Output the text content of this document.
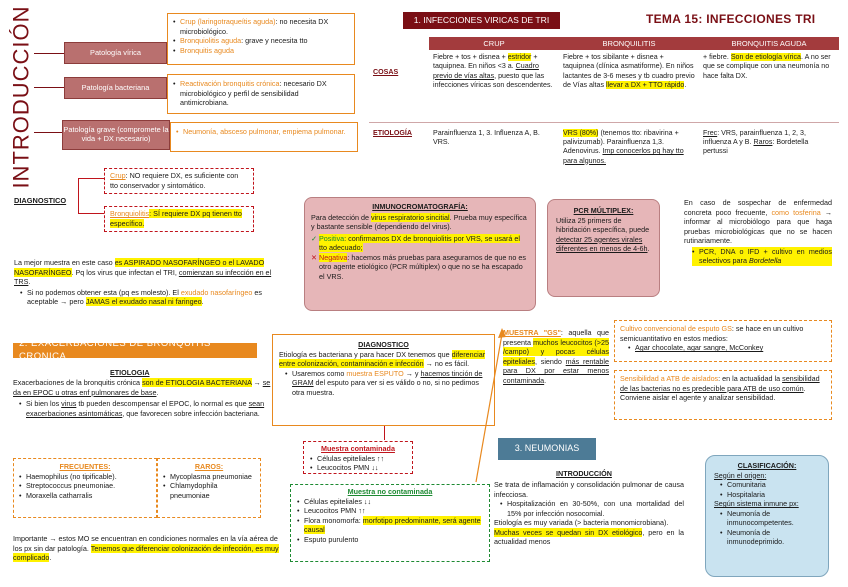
INTRODUCCIÓN	Patología vírica
Patología bacteriana
Patología grave (compromete la vida + DX necesario)
• Crup (laringotraqueítis aguda): no necesita DX microbiológico.
• Bronquiolitis aguda: grave y necesita tto
• Bronquitis aguda
• Reactivación bronquitis crónica: necesario DX microbiológico y perfil de sensibilidad antimicrobiana.
• Neumonía, absceso pulmonar, empiema pulmonar.
DIAGNOSTICO
Crup: NO requiere DX, es suficiente con tto conservador y sintomático.
Bronquiolitis: SÍ requiere DX pq tienen tto específico.
La mejor muestra en este caso es ASPIRADO NASOFARÍNGEO o el LAVADO NASOFARÍNGEO. Pq los virus que infectan el TRI, comienzan su infección en el TRS.
• Si no podemos obtener esta (pq es molesto). El exudado nasofaríngeo es aceptable → pero JAMAS el exudado nasal ni faringeo.
1. INFECCIONES VIRICAS DE TRI	TEMA 15: INFECCIONES TRI
	CRUP	BRONQUILITIS	BRONQUITIS AGUDA
COSAS	Fiebre + tos + disnea + estridor + taquipnea. En niños <3 a. Cuadro previo de vías altas, puesto que las infecciones víricas son descendentes.	Fiebre + tos sibilante + disnea + taquipnea (clínica asmatiforme). En niños lactantes de 3-6 meses y tb cuadro previo de Vías altas llevar a DX + TTO rápido.	+ fiebre. Son de etiología vírica. A no ser que se complique con una neumonía no hace falta DX.
ETIOLOGÍA	Parainfluenza 1, 3. Influenza A, B. VRS.	VRS (80%) (tenemos tto: ribavirina + palivizumab). Parainfluenza 1,3. Adenovirus. Imp conocerlos pq hay tto para algunos.	Frec: VRS, parainfluenza 1, 2, 3, influenza A y B. Raros: Bordetella pertussi
INMUNOCROMATOGRAFÍA:
Para detección de virus respiratorio sincitial. Prueba muy específica y bastante sensible (dependiendo del virus).
✓ Positiva: confirmamos DX de bronquiolitis por VRS, se usará el tto adecuado;
✕ Negativa: hacemos más pruebas para asegurarnos de que no es otro agente etiológico (PCR múltiplex) o que no se ha escapado el VRS.
PCR MÚLTIPLEX:
Utiliza 25 primers de hibridación específica, puede detectar 25 agentes virales diferentes en menos de 4-6h.
En caso de sospechar de enfermedad concreta poco frecuente, como tosferina → informar al microbiólogo para que haga pruebas microbiológicas que no se hacen rutinariamente.
• PCR, DNA o IFD + cultivo en medios selectivos para Bordetella
2. EXACERBACIONES DE BRONQUITIS CRONICA
ETIOLOGIA
Exacerbaciones de la bronquitis crónica son de ETIOLOGIA BACTERIANA → se da en EPOC u otras enf pulmonares de base.
• Si bien los virus tb pueden descompensar el EPOC, lo normal es que sean exacerbaciones asintomáticas, que favorecen sobre infección bacteriana.
FRECUENTES:
• Haemophilus (no tipificable).
• Streptococcus pneumoniae.
• Moraxella catharralis
RAROS:
• Mycoplasma pneumoniae
• Chlamydophila pneumoniae
Importante → estos MO se encuentran en condiciones normales en la vía aérea de los px sin dar patología. Tenemos que diferenciar colonización de infección, es muy complicado.
DIAGNOSTICO
Etiología es bacteriana y para hacer DX tenemos que diferenciar entre colonización, contaminación e infección → no es fácil.
• Usaremos como muestra ESPUTO → y hacemos tinción de GRAM del esputo para ver si es válido o no, si no pedimos otra muestra.
Muestra contaminada
• Células epiteliales ↑↑
• Leucocitos PMN ↓↓
Muestra no contaminada
• Células epiteliales ↓↓
• Leucocitos PMN ↑↑
• Flora monomorfa: morfotipo predominante, será agente causal
• Esputo purulento
MUESTRA "GS": aquella que presenta muchos leucocitos (>25 /campo) y pocas células epiteliales, siendo más rentable para DX por estar menos contaminada.
Cultivo convencional de esputo GS: se hace en un cultivo semicuantitativo en estos medios:
• Agar chocolate, agar sangre, McConkey
Sensibilidad a ATB de aislados: en la actualidad la sensibilidad de las bacterias no es predecible para ATB de uso común. Conviene aislar el agente y analizar sensibilidad.
3. NEUMONIAS
INTRODUCCIÓN
Se trata de inflamación y consolidación pulmonar de causa infecciosa.
• Hospitalización en 30-50%, con una mortalidad del 15% por infección nosocomial.
Etiología es muy variada (> bacteria monomicrobiana).
Muchas veces se quedan sin DX etiológico, pero en la actualidad menos
CLASIFICACIÓN:
Según el origen:
• Comunitaria
• Hospitalaria
Según sistema inmune px:
• Neumonía de inmunocompetentes.
• Neumonía de inmunodeprimido.
